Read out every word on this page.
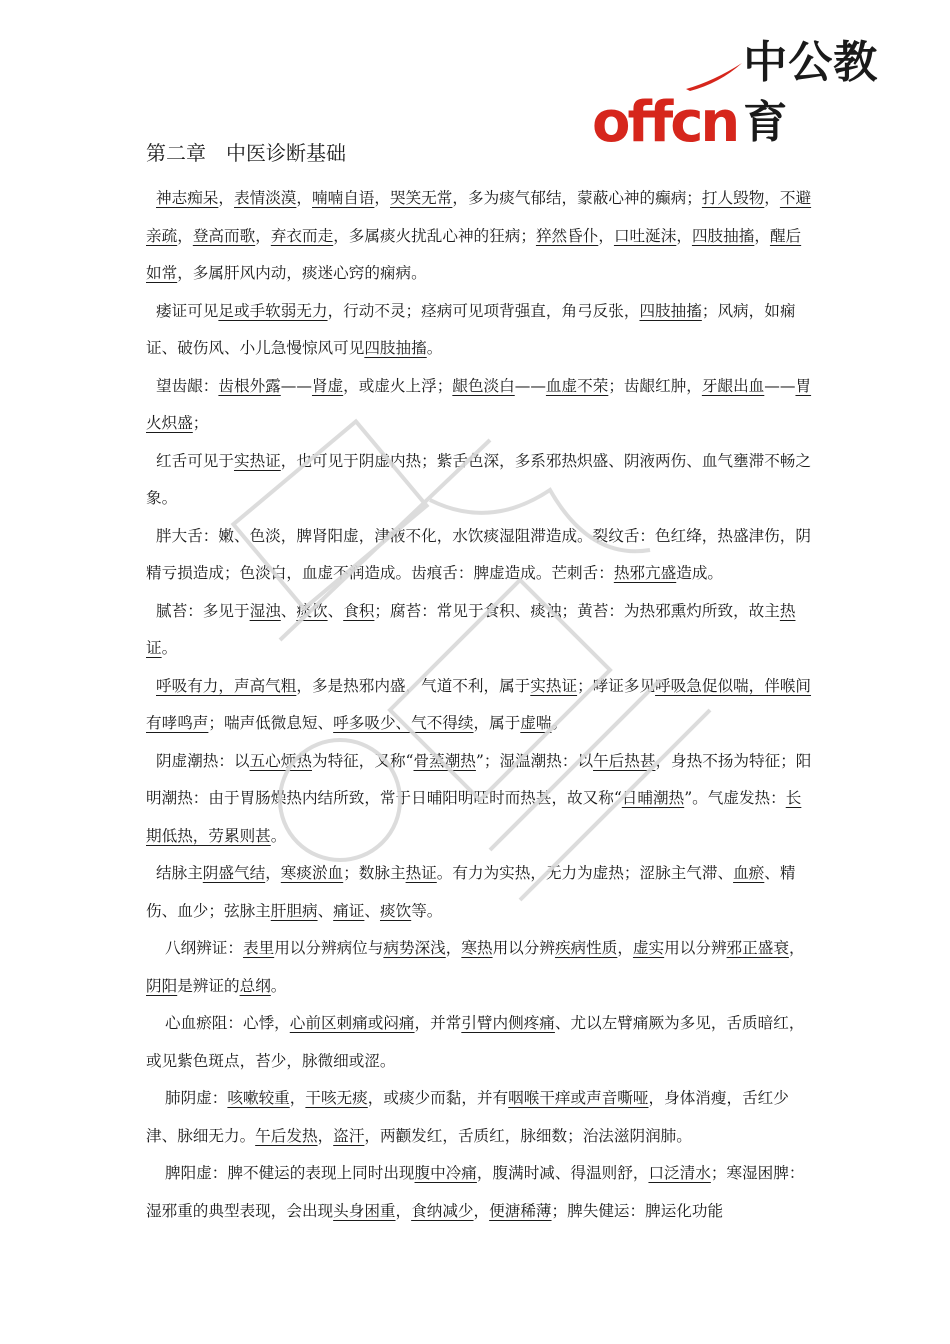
offcn
中公教育
第二章　中医诊断基础
神志痴呆，表情淡漠，喃喃自语，哭笑无常，多为痰气郁结，蒙蔽心神的癫病；打人毁物，不避亲疏，登高而歌，弃衣而走，多属痰火扰乱心神的狂病；猝然昏仆，口吐涎沫，四肢抽搐，醒后如常，多属肝风内动，痰迷心窍的痫病。
痿证可见足或手软弱无力，行动不灵；痉病可见项背强直，角弓反张，四肢抽搐；风病，如痫证、破伤风、小儿急慢惊风可见四肢抽搐。
望齿龈：齿根外露——肾虚，或虚火上浮；龈色淡白——血虚不荣；齿龈红肿，牙龈出血——胃火炽盛；
红舌可见于实热证，也可见于阴虚内热；紫舌色深，多系邪热炽盛、阴液两伤、血气壅滞不畅之象。
胖大舌：嫩、色淡，脾肾阳虚，津液不化，水饮痰湿阻滞造成。裂纹舌：色红绛，热盛津伤，阴精亏损造成；色淡白，血虚不润造成。齿痕舌：脾虚造成。芒刺舌：热邪亢盛造成。
腻苔：多见于湿浊、痰饮、食积；腐苔：常见于食积、痰浊；黄苔：为热邪熏灼所致，故主热证。
呼吸有力，声高气粗，多是热邪内盛，气道不利，属于实热证；哮证多见呼吸急促似喘，伴喉间有哮鸣声；喘声低微息短、呼多吸少、气不得续，属于虚喘。
阴虚潮热：以五心烦热为特征，又称“骨蒸潮热”；湿温潮热：以午后热甚，身热不扬为特征；阳明潮热：由于胃肠燥热内结所致，常于日晡阳明旺时而热甚，故又称“日晡潮热”。气虚发热：长期低热，劳累则甚。
结脉主阴盛气结，寒痰淤血；数脉主热证。有力为实热，无力为虚热；涩脉主气滞、血瘀、精伤、血少；弦脉主肝胆病、痛证、痰饮等。
八纲辨证：表里用以分辨病位与病势深浅，寒热用以分辨疾病性质，虚实用以分辨邪正盛衰，阴阳是辨证的总纲。
心血瘀阻：心悸，心前区刺痛或闷痛，并常引臂内侧疼痛、尤以左臂痛厥为多见，舌质暗红，或见紫色斑点，苔少，脉微细或涩。
肺阴虚：咳嗽较重，干咳无痰，或痰少而黏，并有咽喉干痒或声音嘶哑，身体消瘦，舌红少津、脉细无力。午后发热，盗汗，两颧发红，舌质红，脉细数；治法滋阴润肺。
脾阳虚：脾不健运的表现上同时出现腹中冷痛，腹满时减、得温则舒，口泛清水；寒湿困脾：湿邪重的典型表现，会出现头身困重，食纳减少，便溏稀薄；脾失健运：脾运化功能
